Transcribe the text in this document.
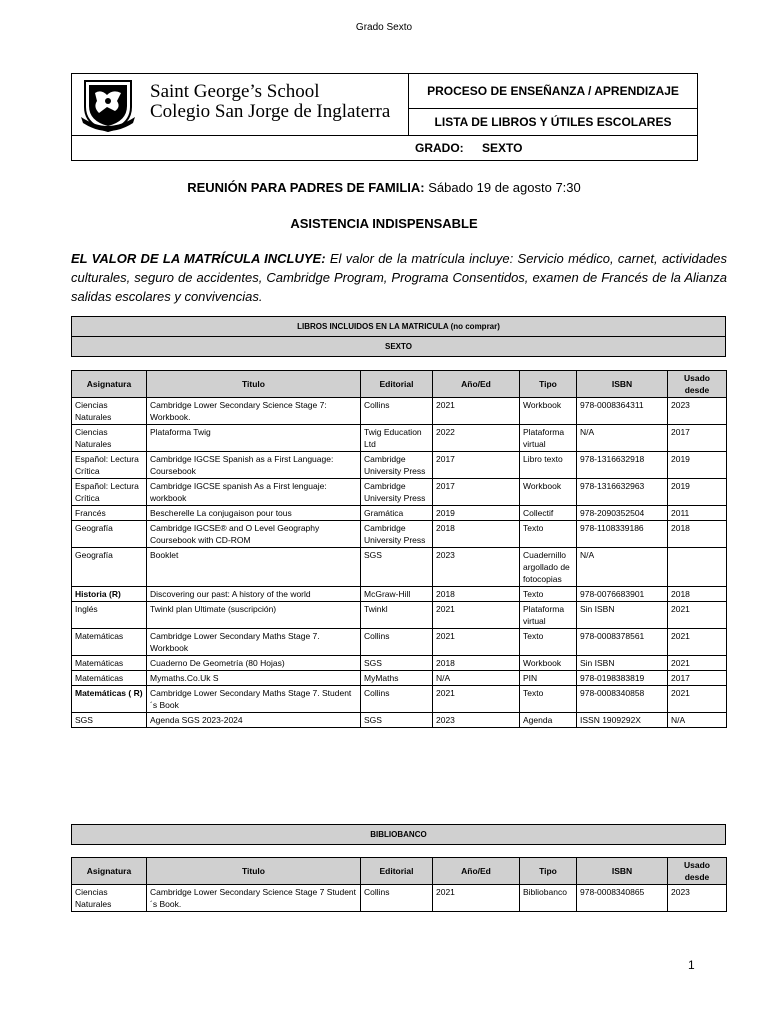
Grado Sexto
Saint George’s School
Colegio San Jorge de Inglaterra
PROCESO DE ENSEÑANZA / APRENDIZAJE
LISTA DE LIBROS Y ÚTILES ESCOLARES
GRADO: SEXTO
REUNIÓN PARA PADRES DE FAMILIA: Sábado 19 de agosto 7:30
ASISTENCIA INDISPENSABLE
EL VALOR DE LA MATRÍCULA INCLUYE: El valor de la matrícula incluye: Servicio médico, carnet, actividades culturales, seguro de accidentes, Cambridge Program, Programa Consentidos, examen de Francés de la Alianza salidas escolares y convivencias.
LIBROS INCLUIDOS EN LA MATRICULA (no comprar)
SEXTO
Asignatura	Titulo	Editorial	Año/Ed	Tipo	ISBN	Usado desde
Ciencias Naturales	Cambridge Lower Secondary Science Stage 7: Workbook.	Collins	2021	Workbook	978-0008364311	2023
Ciencias Naturales	Plataforma Twig	Twig Education Ltd	2022	Plataforma virtual	N/A	2017
Español: Lectura Crítica	Cambridge IGCSE Spanish as a First Language: Coursebook	Cambridge University Press	2017	Libro texto	978-1316632918	2019
Español: Lectura Crítica	Cambridge IGCSE spanish As a First lenguaje: workbook	Cambridge University Press	2017	Workbook	978-1316632963	2019
Francés	Bescherelle La conjugaison pour tous	Gramática	2019	Collectif	978-2090352504	2011
Geografía	Cambridge IGCSE® and O Level Geography Coursebook with CD-ROM	Cambridge University Press	2018	Texto	978-1108339186	2018
Geografía	Booklet	SGS	2023	Cuadernillo argollado de fotocopias	N/A	
Historia (R)	Discovering our past: A history of the world	McGraw-Hill	2018	Texto	978-0076683901	2018
Inglés	Twinkl plan Ultimate (suscripción)	Twinkl	2021	Plataforma virtual	Sin ISBN	2021
Matemáticas	Cambridge Lower Secondary Maths Stage 7. Workbook	Collins	2021	Texto	978-0008378561	2021
Matemáticas	Cuaderno De Geometría (80 Hojas)	SGS	2018	Workbook	Sin ISBN	2021
Matemáticas	Mymaths.Co.Uk S	MyMaths	N/A	PIN	978-0198383819	2017
Matemáticas ( R)	Cambridge Lower Secondary Maths Stage 7. Student´s Book	Collins	2021	Texto	978-0008340858	2021
SGS	Agenda SGS 2023-2024	SGS	2023	Agenda	ISSN 1909292X	N/A
BIBLIOBANCO
Asignatura	Titulo	Editorial	Año/Ed	Tipo	ISBN	Usado desde
Ciencias Naturales	Cambridge Lower Secondary Science Stage 7 Student´s Book.	Collins	2021	Bibliobanco	978-0008340865	2023
1
